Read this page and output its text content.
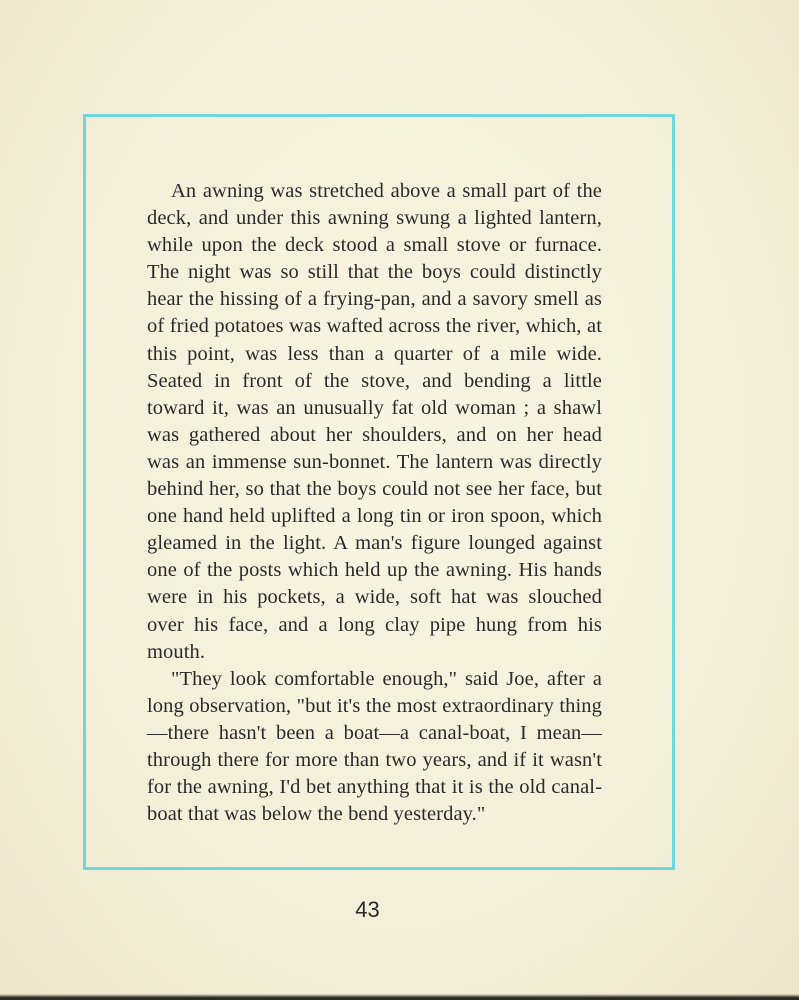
An awning was stretched above a small part of the deck, and under this awning swung a lighted lantern, while upon the deck stood a small stove or furnace. The night was so still that the boys could distinctly hear the hissing of a frying-pan, and a savory smell as of fried potatoes was wafted across the river, which, at this point, was less than a quarter of a mile wide. Seated in front of the stove, and bending a little toward it, was an unusually fat old woman ; a shawl was gathered about her shoulders, and on her head was an immense sun-bonnet. The lantern was directly behind her, so that the boys could not see her face, but one hand held uplifted a long tin or iron spoon, which gleamed in the light. A man's figure lounged against one of the posts which held up the awning. His hands were in his pockets, a wide, soft hat was slouched over his face, and a long clay pipe hung from his mouth.

"They look comfortable enough," said Joe, after a long observation, "but it's the most extraordinary thing—there hasn't been a boat—a canal-boat, I mean—through there for more than two years, and if it wasn't for the awning, I'd bet anything that it is the old canal-boat that was below the bend yesterday."

43
